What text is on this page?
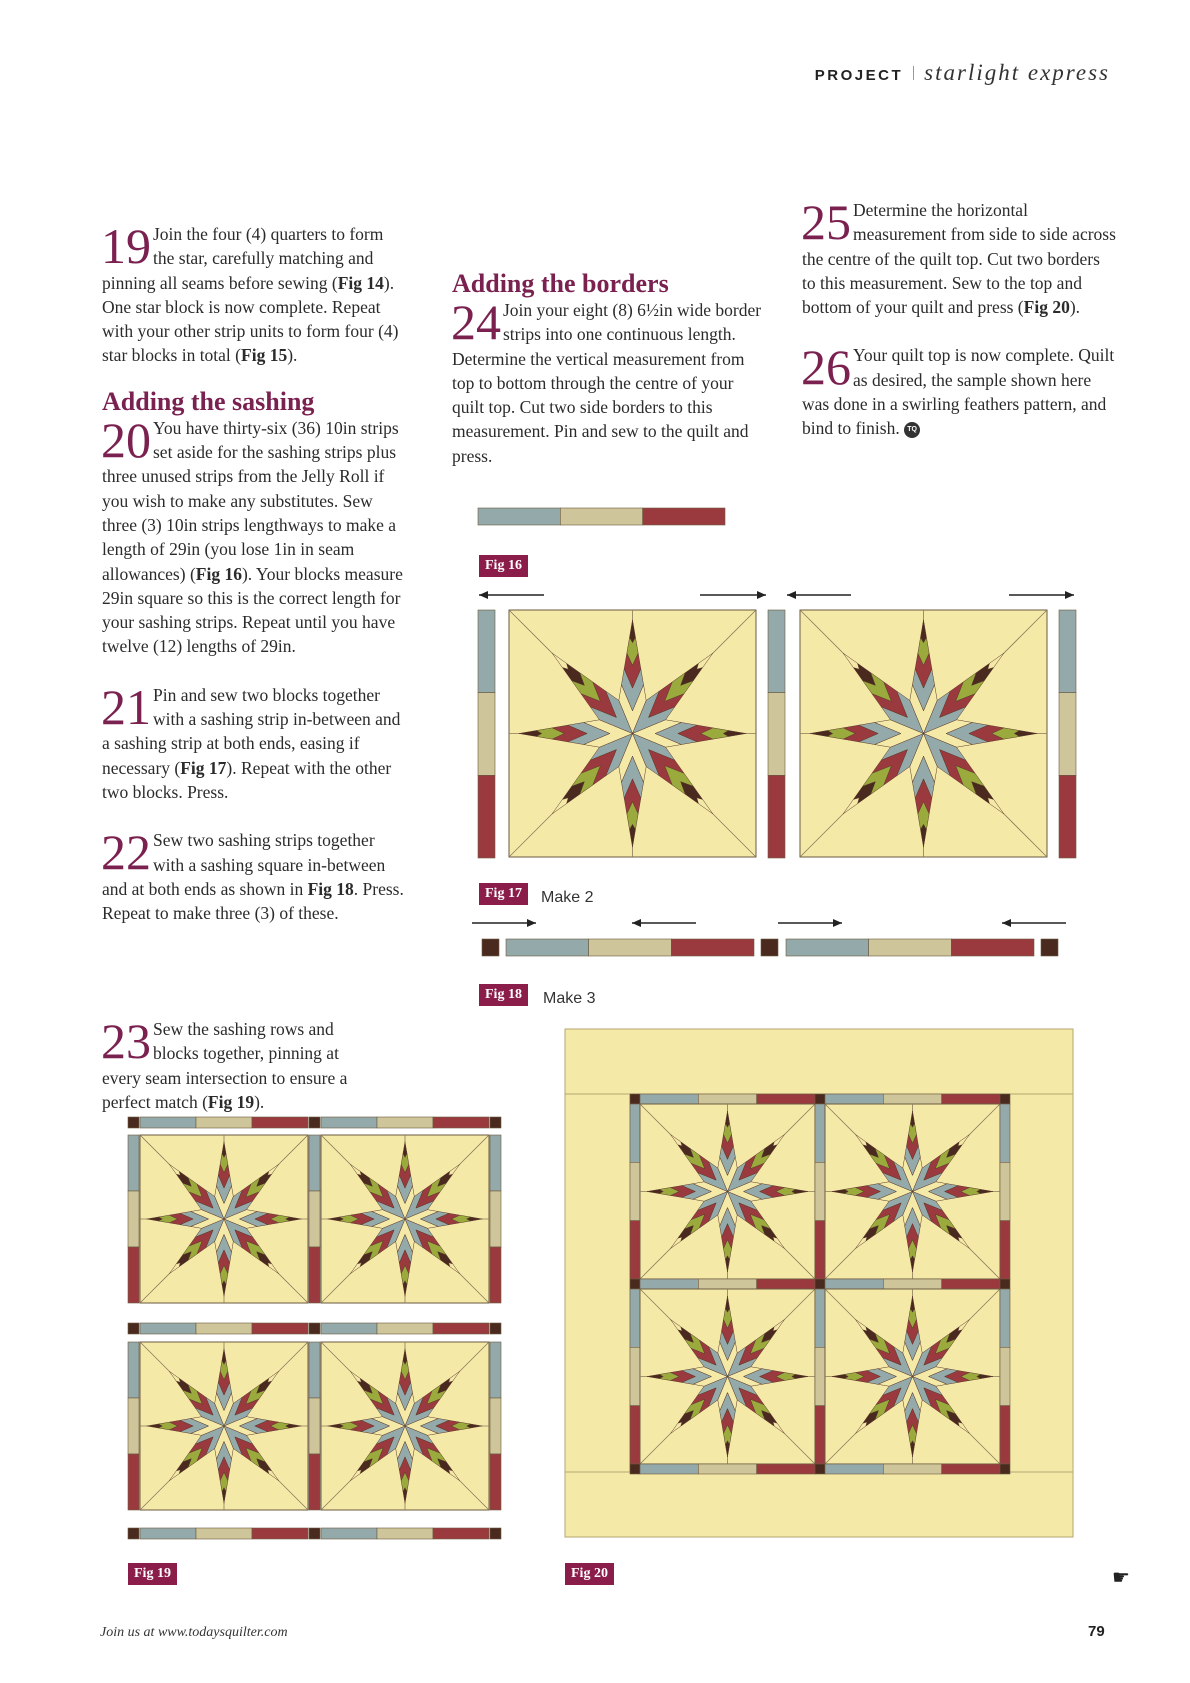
PROJECT starlight express

19 Join the four (4) quarters to form the star, carefully matching and pinning all seams before sewing (Fig 14). One star block is now complete. Repeat with your other strip units to form four (4) star blocks in total (Fig 15).

Adding the sashing

20 You have thirty-six (36) 10in strips set aside for the sashing strips plus three unused strips from the Jelly Roll if you wish to make any substitutes. Sew three (3) 10in strips lengthways to make a length of 29in (you lose 1in in seam allowances) (Fig 16). Your blocks measure 29in square so this is the correct length for your sashing strips. Repeat until you have twelve (12) lengths of 29in.

21 Pin and sew two blocks together with a sashing strip in-between and a sashing strip at both ends, easing if necessary (Fig 17). Repeat with the other two blocks. Press.

22 Sew two sashing strips together with a sashing square in-between and at both ends as shown in Fig 18. Press. Repeat to make three (3) of these.

23 Sew the sashing rows and blocks together, pinning at every seam intersection to ensure a perfect match (Fig 19).

Adding the borders

24 Join your eight (8) 6½in wide border strips into one continuous length. Determine the vertical measurement from top to bottom through the centre of your quilt top. Cut two side borders to this measurement. Pin and sew to the quilt and press.

25 Determine the horizontal measurement from side to side across the centre of the quilt top. Cut two borders to this measurement. Sew to the top and bottom of your quilt and press (Fig 20).

26 Your quilt top is now complete. Quilt as desired, the sample shown here was done in a swirling feathers pattern, and bind to finish. TQ

Fig 16
Fig 17	Make 2
Fig 18	Make 3
Fig 19	Fig 20	☛
Join us at www.todaysquilter.com	79
